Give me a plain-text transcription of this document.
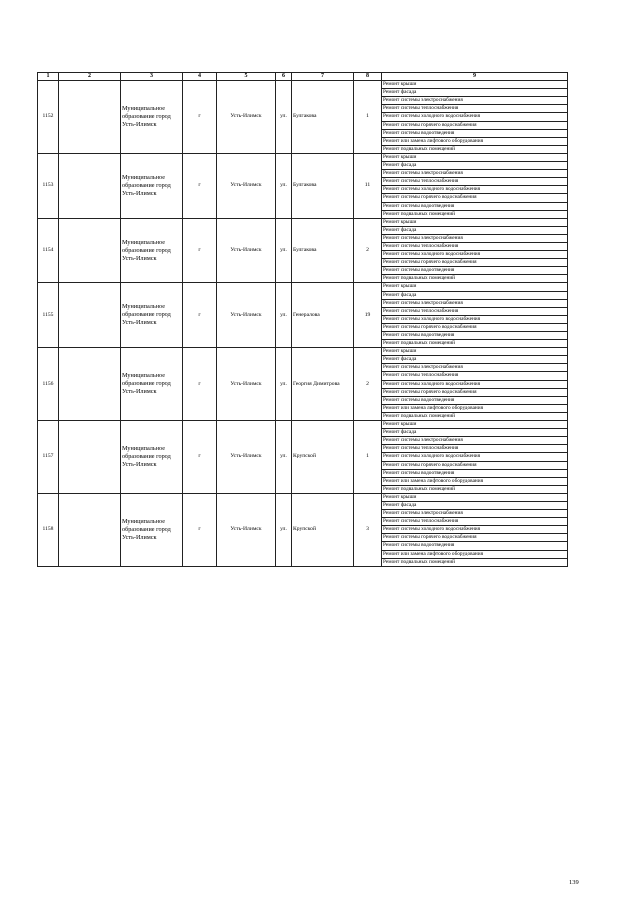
1	2	3	4	5	6	7	8	9
1152		Муниципальное образование город Усть-Илимск	г	Усть-Илимск	ул.	Булгакова	1	Ремонт крыши
								Ремонт фасада
								Ремонт системы электроснабжения
								Ремонт системы теплоснабжения
								Ремонт системы холодного водоснабжения
								Ремонт системы горячего водоснабжения
								Ремонт системы водоотведения
								Ремонт или замена лифтового оборудования
								Ремонт подвальных помещений
1153		Муниципальное образование город Усть-Илимск	г	Усть-Илимск	ул.	Булгакова	11	Ремонт крыши
								Ремонт фасада
								Ремонт системы электроснабжения
								Ремонт системы теплоснабжения
								Ремонт системы холодного водоснабжения
								Ремонт системы горячего водоснабжения
								Ремонт системы водоотведения
								Ремонт подвальных помещений
1154		Муниципальное образование город Усть-Илимск	г	Усть-Илимск	ул.	Булгакова	2	Ремонт крыши
								Ремонт фасада
								Ремонт системы электроснабжения
								Ремонт системы теплоснабжения
								Ремонт системы холодного водоснабжения
								Ремонт системы горячего водоснабжения
								Ремонт системы водоотведения
								Ремонт подвальных помещений
1155		Муниципальное образование город Усть-Илимск	г	Усть-Илимск	ул.	Генералова	19	Ремонт крыши
								Ремонт фасада
								Ремонт системы электроснабжения
								Ремонт системы теплоснабжения
								Ремонт системы холодного водоснабжения
								Ремонт системы горячего водоснабжения
								Ремонт системы водоотведения
								Ремонт подвальных помещений
1156		Муниципальное образование город Усть-Илимск	г	Усть-Илимск	ул.	Георгия Димитрова	2	Ремонт крыши
								Ремонт фасада
								Ремонт системы электроснабжения
								Ремонт системы теплоснабжения
								Ремонт системы холодного водоснабжения
								Ремонт системы горячего водоснабжения
								Ремонт системы водоотведения
								Ремонт или замена лифтового оборудования
								Ремонт подвальных помещений
1157		Муниципальное образование город Усть-Илимск	г	Усть-Илимск	ул.	Крупской	1	Ремонт крыши
								Ремонт фасада
								Ремонт системы электроснабжения
								Ремонт системы теплоснабжения
								Ремонт системы холодного водоснабжения
								Ремонт системы горячего водоснабжения
								Ремонт системы водоотведения
								Ремонт или замена лифтового оборудования
								Ремонт подвальных помещений
1158		Муниципальное образование город Усть-Илимск	г	Усть-Илимск	ул.	Крупской	3	Ремонт крыши
								Ремонт фасада
								Ремонт системы электроснабжения
								Ремонт системы теплоснабжения
								Ремонт системы холодного водоснабжения
								Ремонт системы горячего водоснабжения
								Ремонт системы водоотведения
								Ремонт или замена лифтового оборудования
								Ремонт подвальных помещений
139
